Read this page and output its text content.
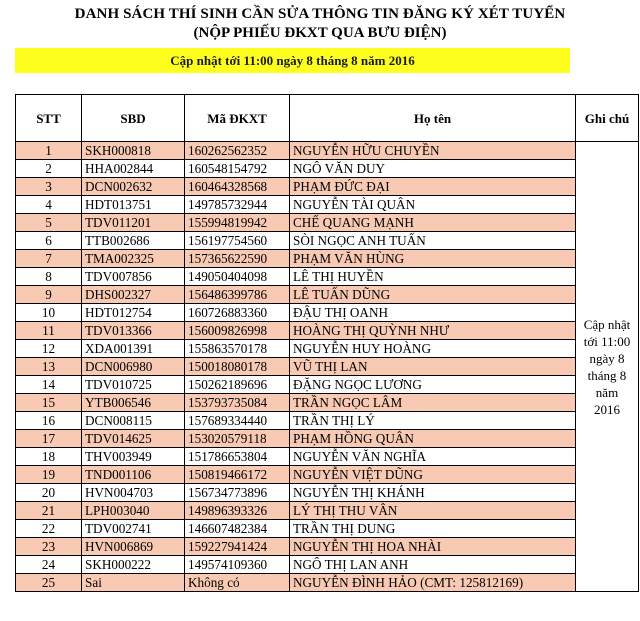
DANH SÁCH THÍ SINH CẦN SỬA THÔNG TIN ĐĂNG KÝ XÉT TUYỂN
(NỘP PHIẾU ĐKXT QUA BƯU ĐIỆN)
Cập nhật tới 11:00 ngày 8 tháng 8 năm 2016
STT	SBD	Mã ĐKXT	Họ tên	Ghi chú
1	SKH000818	160262562352	NGUYỄN HỮU CHUYỀN	Cập nhật tới 11:00 ngày 8 tháng 8 năm 2016
2	HHA002844	160548154792	NGÔ VĂN DUY	
3	DCN002632	160464328568	PHẠM ĐỨC ĐẠI	
4	HDT013751	149785732944	NGUYỄN TÀI QUÂN	
5	TDV011201	155994819942	CHẾ QUANG MẠNH	
6	TTB002686	156197754560	SÒI NGỌC ANH TUẤN	
7	TMA002325	157365622590	PHẠM VĂN HÙNG	
8	TDV007856	149050404098	LÊ THỊ HUYỀN	
9	DHS002327	156486399786	LÊ TUẤN DŨNG	
10	HDT012754	160726883360	ĐẬU THỊ OANH	
11	TDV013366	156009826998	HOÀNG THỊ QUỲNH NHƯ	
12	XDA001391	155863570178	NGUYỄN HUY HOÀNG	
13	DCN006980	150018080178	VŨ THỊ LAN	
14	TDV010725	150262189696	ĐẶNG NGỌC LƯƠNG	
15	YTB006546	153793735084	TRẦN NGỌC LÂM	
16	DCN008115	157689334440	TRẦN THỊ LÝ	
17	TDV014625	153020579118	PHẠM HỒNG QUÂN	
18	THV003949	151786653804	NGUYỄN VĂN NGHĨA	
19	TND001106	150819466172	NGUYỄN VIỆT DŨNG	
20	HVN004703	156734773896	NGUYỄN THỊ KHÁNH	
21	LPH003040	149896393326	LÝ THỊ THU VÂN	
22	TDV002741	146607482384	TRẦN THỊ DUNG	
23	HVN006869	159227941424	NGUYỄN THỊ HOA NHÀI	
24	SKH000222	149574109360	NGÔ THỊ LAN ANH	
25	Sai	Không có	NGUYỄN ĐÌNH HẢO (CMT: 125812169)	
